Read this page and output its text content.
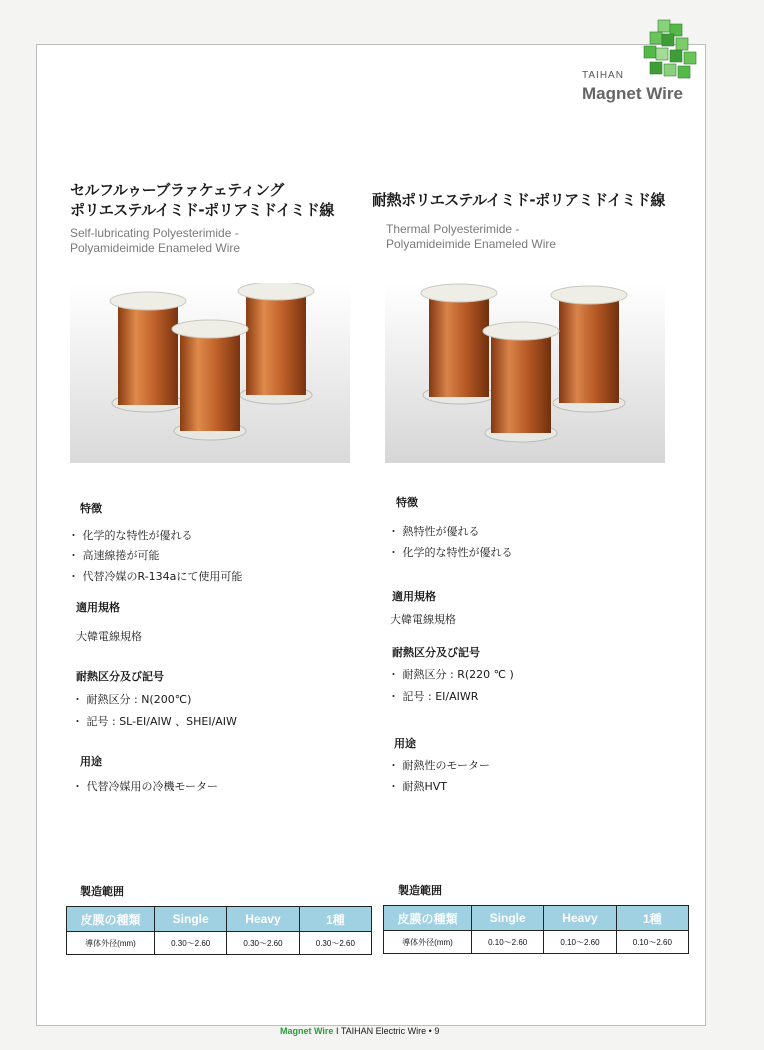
TAIHAN
Magnet Wire
セルフルゥーブラァケェティング
ポリエステルイミド-ポリアミドイミド線
Self-lubricating Polyesterimide -
Polyamideimide Enameled Wire
特徴
・ 化学的な特性が優れる
・ 高速線捲が可能
・ 代替冷媒のR-134aにて使用可能
適用規格
大韓電線規格
耐熱区分及び記号
・ 耐熱区分 : N(200℃)
・ 記号 : SL-EI/AIW 、SHEI/AIW
用途
・ 代替冷媒用の冷機モーター
製造範囲
皮膜の種類	Single	Heavy	1種
導体外径(mm)	0.30～2.60	0.30～2.60	0.30～2.60
耐熱ポリエステルイミド-ポリアミドイミド線
Thermal Polyesterimide -
Polyamideimide Enameled Wire
特徴
・ 熱特性が優れる
・ 化学的な特性が優れる
適用規格
大韓電線規格
耐熱区分及び記号
・ 耐熱区分 : R(220 ℃ )
・ 記号 : EI/AIWR
用途
・ 耐熱性のモーター
・ 耐熱HVT
製造範囲
皮膜の種類	Single	Heavy	1種
導体外径(mm)	0.10～2.60	0.10～2.60	0.10～2.60
Magnet Wire I TAIHAN Electric Wire • 9
